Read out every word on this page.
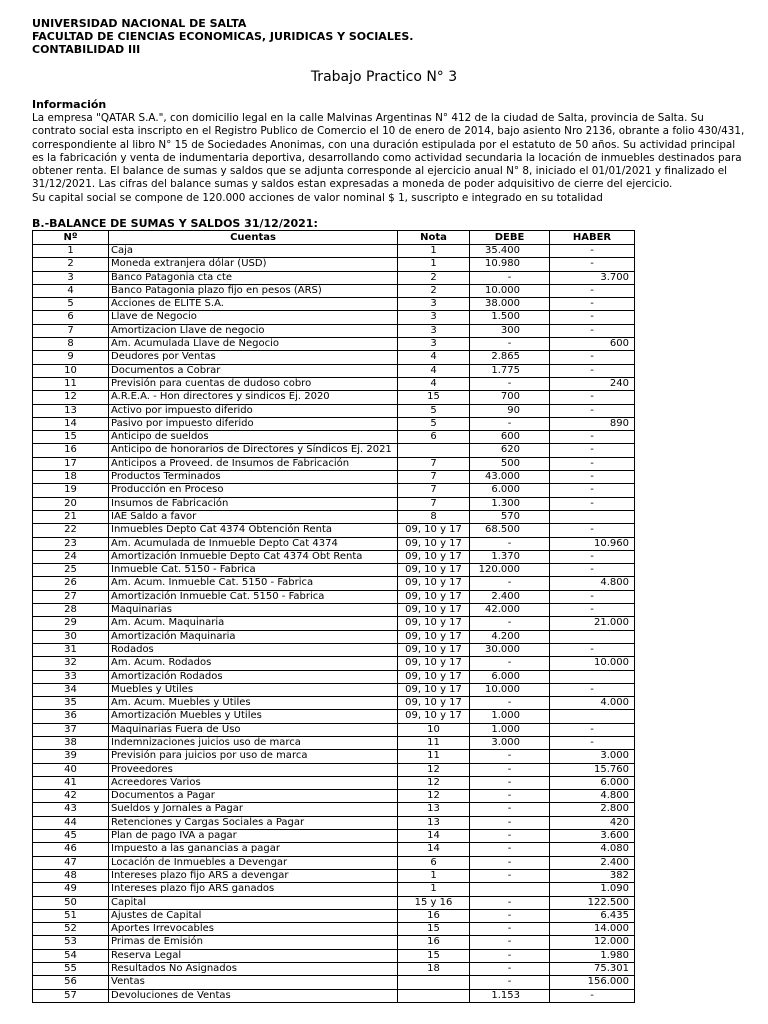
UNIVERSIDAD NACIONAL DE SALTA
FACULTAD DE CIENCIAS ECONOMICAS, JURIDICAS Y SOCIALES.
CONTABILIDAD III
Trabajo Practico N° 3
Información
La empresa "QATAR S.A.", con domicilio legal en la calle Malvinas Argentinas N° 412 de la ciudad de Salta, provincia de Salta. Su
contrato social esta inscripto en el Registro Publico de Comercio el 10 de enero de 2014, bajo asiento Nro 2136, obrante a folio 430/431,
correspondiente al libro N° 15 de Sociedades Anonimas, con una duración estipulada por el estatuto de 50 años. Su actividad principal
es la fabricación y venta de indumentaria deportiva, desarrollando como actividad secundaria la locación de inmuebles destinados para
obtener renta. El balance de sumas y saldos que se adjunta corresponde al ejercicio anual N° 8, iniciado el 01/01/2021 y finalizado el
31/12/2021. Las cifras del balance sumas y saldos estan expresadas a moneda de poder adquisitivo de cierre del ejercicio.
Su capital social se compone de 120.000 acciones de valor nominal $ 1, suscripto e integrado en su totalidad
B.-BALANCE DE SUMAS Y SALDOS 31/12/2021:
Nº	Cuentas	Nota	DEBE	HABER
1	Caja	1	35.400	-
2	Moneda extranjera dólar (USD)	1	10.980	-
3	Banco Patagonia cta cte	2	-	3.700
4	Banco Patagonia plazo fijo en pesos (ARS)	2	10.000	-
5	Acciones de ELITE S.A.	3	38.000	-
6	Llave de Negocio	3	1.500	-
7	Amortizacion Llave de negocio	3	300	-
8	Am. Acumulada Llave de Negocio	3	-	600
9	Deudores por Ventas	4	2.865	-
10	Documentos a Cobrar	4	1.775	-
11	Previsión para cuentas de dudoso cobro	4	-	240
12	A.R.E.A. - Hon directores y sindicos Ej. 2020	15	700	-
13	Activo por impuesto diferido	5	90	-
14	Pasivo por impuesto diferido	5	-	890
15	Anticipo de sueldos	6	600	-
16	Anticipo de honorarios de Directores y Síndicos Ej. 2021		620	-
17	Anticipos a Proveed. de Insumos de Fabricación	7	500	-
18	Productos Terminados	7	43.000	-
19	Producción en Proceso	7	6.000	-
20	Insumos de Fabricación	7	1.300	-
21	IAE Saldo a favor	8	570	
22	Inmuebles Depto Cat 4374 Obtención Renta	09, 10 y 17	68.500	-
23	Am. Acumulada de Inmueble Depto Cat 4374	09, 10 y 17	-	10.960
24	Amortización Inmueble Depto Cat 4374 Obt Renta	09, 10 y 17	1.370	-
25	Inmueble Cat. 5150 - Fabrica	09, 10 y 17	120.000	-
26	Am. Acum. Inmueble Cat. 5150 - Fabrica	09, 10 y 17	-	4.800
27	Amortización Inmueble Cat. 5150 - Fabrica	09, 10 y 17	2.400	-
28	Maquinarias	09, 10 y 17	42.000	-
29	Am. Acum. Maquinaria	09, 10 y 17	-	21.000
30	Amortización Maquinaria	09, 10 y 17	4.200	
31	Rodados	09, 10 y 17	30.000	-
32	Am. Acum. Rodados	09, 10 y 17	-	10.000
33	Amortización Rodados	09, 10 y 17	6.000	
34	Muebles y Utiles	09, 10 y 17	10.000	-
35	Am. Acum. Muebles y Utiles	09, 10 y 17	-	4.000
36	Amortización Muebles y Utiles	09, 10 y 17	1.000	
37	Maquinarias Fuera de Uso	10	1.000	-
38	Indemnizaciones juicios uso de marca	11	3.000	-
39	Previsión para juicios por uso de marca	11	-	3.000
40	Proveedores	12	-	15.760
41	Acreedores Varios	12	-	6.000
42	Documentos a Pagar	12	-	4.800
43	Sueldos y Jornales a Pagar	13	-	2.800
44	Retenciones y Cargas Sociales a Pagar	13	-	420
45	Plan de pago IVA a pagar	14	-	3.600
46	Impuesto a las ganancias a pagar	14	-	4.080
47	Locación de Inmuebles a Devengar	6	-	2.400
48	Intereses plazo fijo ARS a devengar	1	-	382
49	Intereses plazo fijo ARS ganados	1		1.090
50	Capital	15 y 16	-	122.500
51	Ajustes de Capital	16	-	6.435
52	Aportes Irrevocables	15	-	14.000
53	Primas de Emisión	16	-	12.000
54	Reserva Legal	15	-	1.980
55	Resultados No Asignados	18	-	75.301
56	Ventas		-	156.000
57	Devoluciones de Ventas		1.153	-
